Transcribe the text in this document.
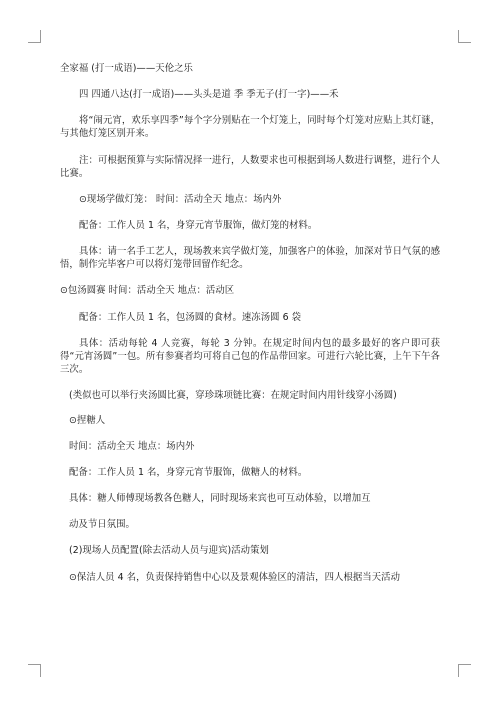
全家福 (打一成语)——天伦之乐

四 四通八达(打一成语)——头头是道 季 季无子(打一字)——禾

将“闹元宵，欢乐享四季”每个字分别贴在一个灯笼上，同时每个灯笼对应贴上其灯谜，与其他灯笼区别开来。

注：可根据预算与实际情况择一进行，人数要求也可根据到场人数进行调整，进行个人比赛。

⊙现场学做灯笼： 时间：活动全天 地点：场内外

配备：工作人员 1 名，身穿元宵节服饰，做灯笼的材料。

具体：请一名手工艺人，现场教来宾学做灯笼，加强客户的体验，加深对节日气氛的感悟，制作完毕客户可以将灯笼带回留作纪念。

⊙包汤圆赛 时间：活动全天 地点：活动区

配备：工作人员 1 名，包汤圆的食材。速冻汤圆 6 袋

具体：活动每轮 4 人竞赛，每轮 3 分钟。在规定时间内包的最多最好的客户即可获得“元宵汤圆”一包。所有参赛者均可将自己包的作品带回家。可进行六轮比赛，上午下午各三次。

(类似也可以举行夹汤圆比赛，穿珍珠项链比赛：在规定时间内用针线穿小汤圆)

⊙捏糖人

时间：活动全天 地点：场内外

配备：工作人员 1 名，身穿元宵节服饰，做糖人的材料。

具体：糖人师傅现场教各色糖人，同时现场来宾也可互动体验，以增加互

动及节日氛围。

(2)现场人员配置(除去活动人员与迎宾)活动策划

⊙保洁人员 4 名，负责保持销售中心以及景观体验区的清洁，四人根据当天活动
